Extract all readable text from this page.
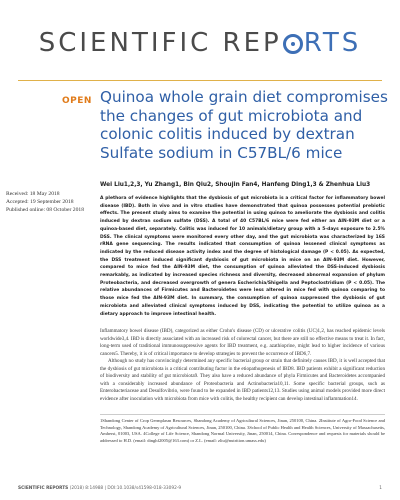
SCIENTIFIC REP RTS
OPEN Quinoa whole grain diet compromises the changes of gut microbiota and colonic colitis induced by dextran Sulfate sodium in C57BL/6 mice
Wei Liu1,2,3, Yu Zhang1, Bin Qiu2, Shoujin Fan4, Hanfeng Ding1,3 & Zhenhua Liu3
Received: 18 May 2018
Accepted: 19 September 2018
Published online: 08 October 2018

A plethora of evidence highlights that the dysbiosis of gut microbiota is a critical factor for inflammatory bowel disease (IBD). Both in vivo and in vitro studies have demonstrated that quinoa possesses potential prebiotic effects. The present study aims to examine the potential in using quinoa to ameliorate the dysbiosis and colitis induced by dextran sodium sulfate (DSS). A total of 40 C57BL/6 mice were fed either an AIN-93M diet or a quinoa-based diet, separately. Colitis was induced for 10 animals/dietary group with a 5-days exposure to 2.5% DSS. The clinical symptoms were monitored every other day, and the gut microbiota was characterized by 16S rRNA gene sequencing. The results indicated that consumption of quinoa lessened clinical symptoms as indicated by the reduced disease activity index and the degree of histological damage (P < 0.05). As expected, the DSS treatment induced significant dysbiosis of gut microbiota in mice on an AIN-93M diet. However, compared to mice fed the AIN-93M diet, the consumption of quinoa alleviated the DSS-induced dysbiosis remarkably, as indicated by increased species richness and diversity, decreased abnormal expansion of phylum Proteobacteria, and decreased overgrowth of genera Escherichia/Shigella and Peptoclostridium (P < 0.05). The relative abundances of Firmicutes and Bacteroidetes were less altered in mice fed with quinoa comparing to those mice fed the AIN-93M diet. In summary, the consumption of quinoa suppressed the dysbiosis of gut microbiota and alleviated clinical symptoms induced by DSS, indicating the potential to utilize quinoa as a dietary approach to improve intestinal health.

Inflammatory bowel disease (IBD), categorized as either Crohn's disease (CD) or ulcerative colitis (UC)1,2, has reached epidemic levels worldwide3,4. IBD is directly associated with an increased risk of colorectal cancer, but there are still no effective means to treat it. In fact, long-term used of traditional immunosuppressive agents for IBD treatment, e.g. azathioprine, might lead to higher incidence of various cancers5. Thereby, it is of critical importance to develop strategies to prevent the occurrence of IBD6,7.

Although no study has convincingly determined any specific bacterial group or strain that definitely causes IBD, it is well accepted that the dysbiosis of gut microbiota is a critical contributing factor in the etiopathogenesis of IBD8. IBD patients exhibit a significant reduction of biodiversity and stability of gut microbiota9. They also have a reduced abundance of phyla Firmicutes and Bacteroidetes accompanied with a considerably increased abundance of Proteobacteria and Actinobacteria10,11. Some specific bacterial groups, such as Enterobacteriaceae and Desulfovibrio, were found to be expanded in IBD patients12,13. Studies using animal models provided more direct evidence after inoculation with microbiota from mice with colitis, the healthy recipient can develop intestinal inflammation14.

1Shandong Center of Crop Germplasm Resources, Shandong Academy of Agricultural Sciences, Jinan, 250100, China. 2Institute of Agro-Food Science and Technology, Shandong Academy of Agricultural Sciences, Jinan, 250100, China. 3School of Public Health and Health Sciences, University of Massachusetts, Amherst, 01003, USA. 4College of Life Science, Shandong Normal University, Jinan, 250014, China. Correspondence and requests for materials should be addressed to H.D. (email: dinghf2005@163.com) or Z.L. (email: zliu@nutrition.umass.edu)

SCIENTIFIC REPORTS (2018) 8:14988 | DOI:10.1038/s41598-018-33092-9	1
